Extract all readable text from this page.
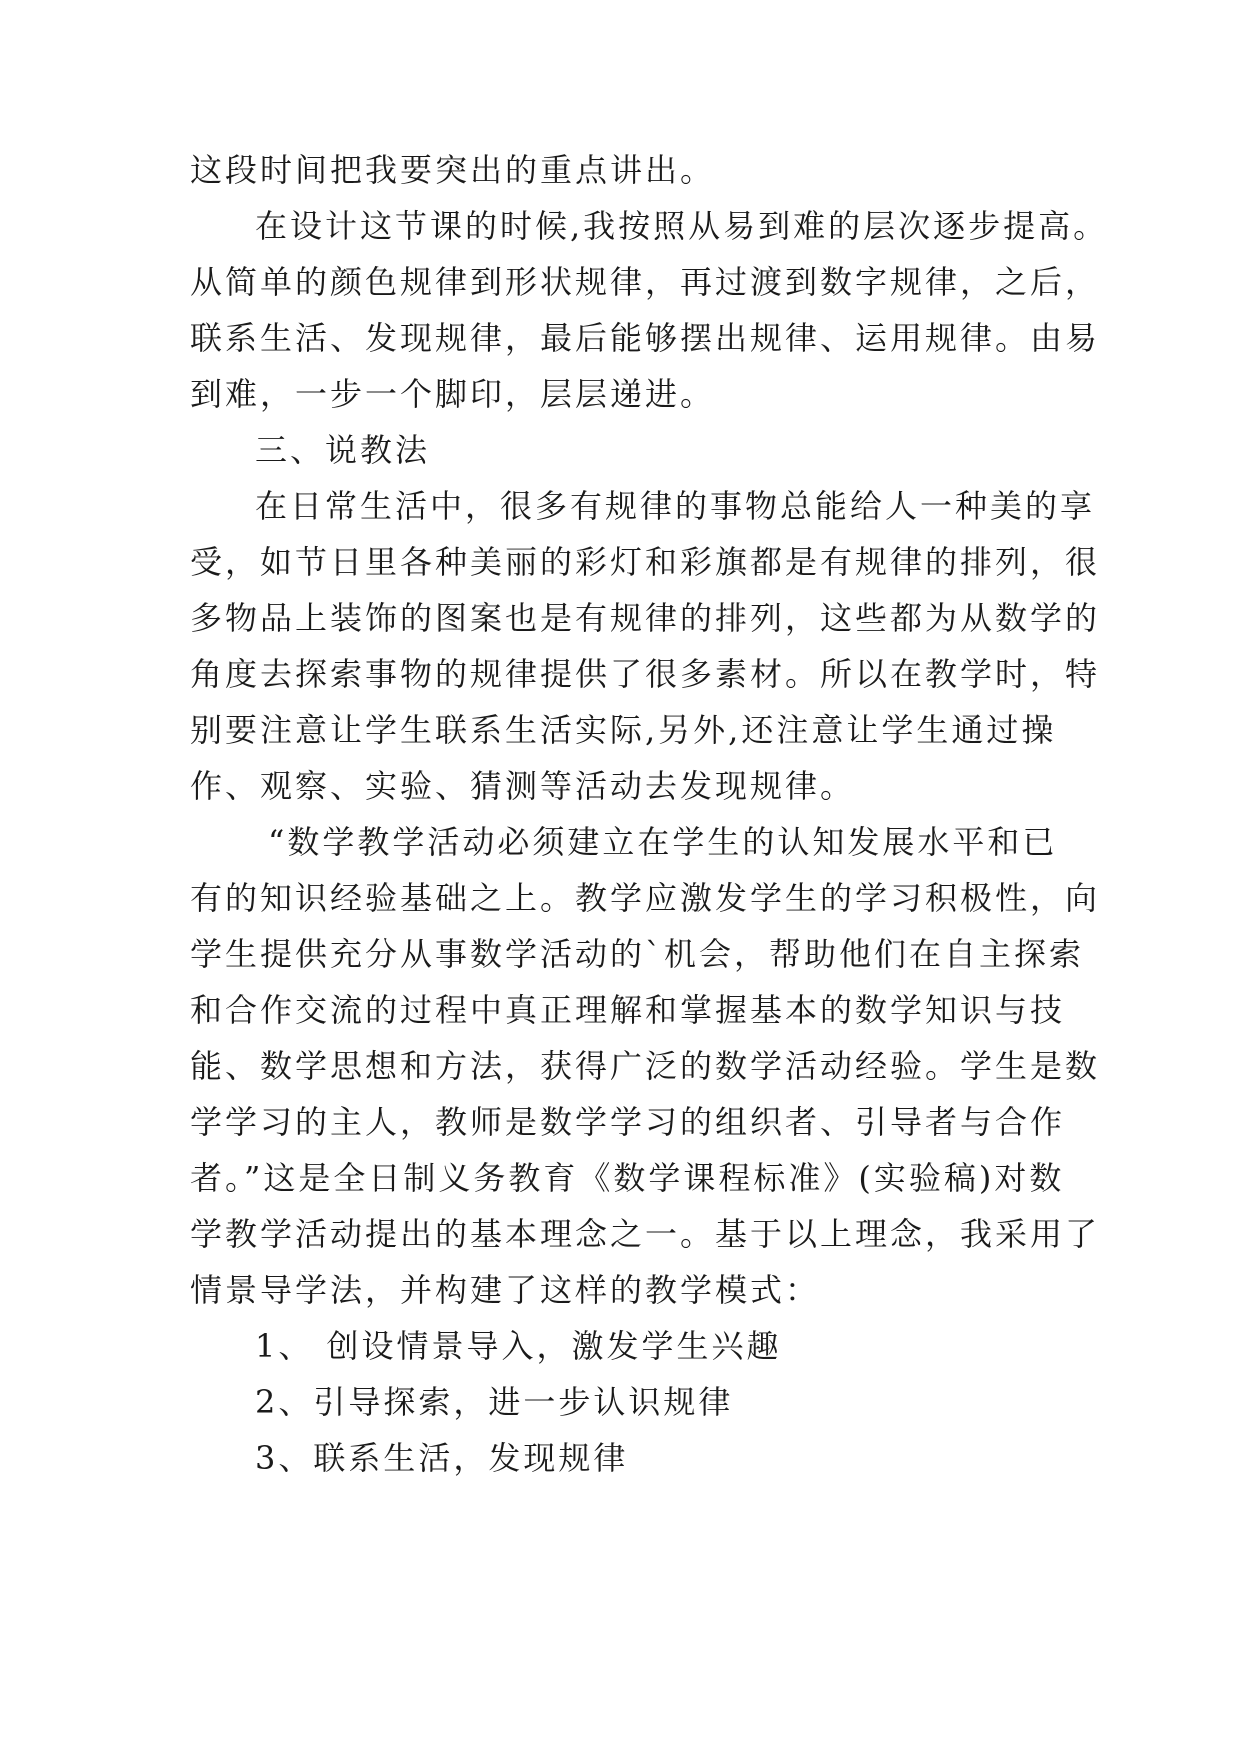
这段时间把我要突出的重点讲出。
在设计这节课的时候,我按照从易到难的层次逐步提高。
从简单的颜色规律到形状规律，再过渡到数字规律，之后，
联系生活、发现规律，最后能够摆出规律、运用规律。由易
到难，一步一个脚印，层层递进。
三、说教法
在日常生活中，很多有规律的事物总能给人一种美的享
受，如节日里各种美丽的彩灯和彩旗都是有规律的排列，很
多物品上装饰的图案也是有规律的排列，这些都为从数学的
角度去探索事物的规律提供了很多素材。所以在教学时，特
别要注意让学生联系生活实际,另外,还注意让学生通过操
作、观察、实验、猜测等活动去发现规律。
“数学教学活动必须建立在学生的认知发展水平和已
有的知识经验基础之上。教学应激发学生的学习积极性，向
学生提供充分从事数学活动的`机会，帮助他们在自主探索
和合作交流的过程中真正理解和掌握基本的数学知识与技
能、数学思想和方法，获得广泛的数学活动经验。学生是数
学学习的主人，教师是数学学习的组织者、引导者与合作
者。”这是全日制义务教育《数学课程标准》(实验稿)对数
学教学活动提出的基本理念之一。基于以上理念，我采用了
情景导学法，并构建了这样的教学模式：
1、 创设情景导入，激发学生兴趣
2、引导探索，进一步认识规律
3、联系生活，发现规律
